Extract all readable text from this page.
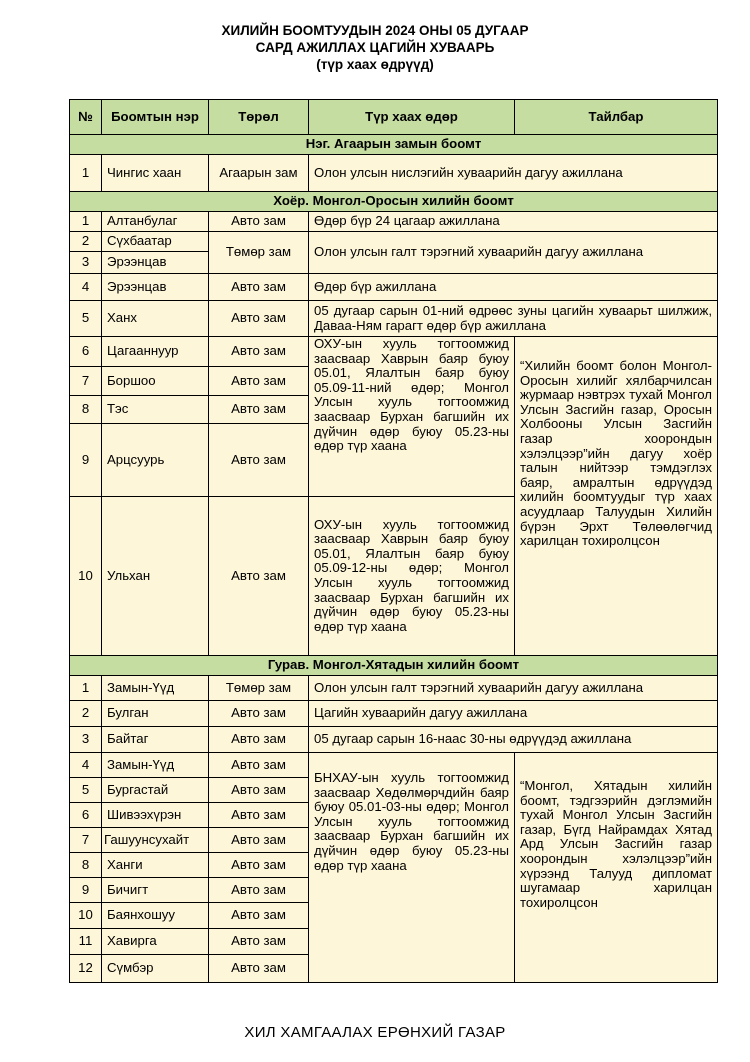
ХИЛИЙН БООМТУУДЫН 2024 ОНЫ 05 ДУГААР
САРД АЖИЛЛАХ ЦАГИЙН ХУВААРЬ
(түр хаах өдрүүд)
№	Боомтын нэр	Төрөл	Түр хаах өдөр	Тайлбар
Нэг. Агаарын замын боомт				
1	Чингис хаан	Агаарын зам	Олон улсын нислэгийн хуваарийн дагуу ажиллана	
Хоёр. Монгол-Оросын хилийн боомт				
1	Алтанбулаг	Авто зам	Өдөр бүр 24 цагаар ажиллана	
2	Сүхбаатар	Төмөр зам	Олон улсын галт тэрэгний хуваарийн дагуу ажиллана	
3	Эрээнцав			
4	Эрээнцав	Авто зам	Өдөр бүр ажиллана	
5	Ханх	Авто зам	05 дугаар сарын 01-ний өдрөөс зуны цагийн хуваарьт шилжиж, Даваа-Ням гарагт өдөр бүр ажиллана	
6	Цагааннуур	Авто зам	ОХУ-ын хууль тогтоомжид заасваар Хаврын баяр буюу 05.01, Ялалтын баяр буюу 05.09-11-ний өдөр; Монгол Улсын хууль тогтоомжид заасваар Бурхан багшийн их дүйчин өдөр буюу 05.23-ны өдөр түр хаана	“Хилийн боомт болон Монгол-Оросын хилийг хялбарчилсан журмаар нэвтрэх тухай Монгол Улсын Засгийн газар, Оросын Холбооны Улсын Засгийн газар хоорондын хэлэлцээр”ийн дагуу хоёр талын нийтээр тэмдэглэх баяр, амралтын өдрүүдэд хилийн боомтуудыг түр хаах асуудлаар Талуудын Хилийн бүрэн Эрхт Төлөөлөгчид харилцан тохиролцсон
7	Боршоо	Авто зам		
8	Тэс	Авто зам		
9	Арцсуурь	Авто зам		
10	Ульхан	Авто зам	ОХУ-ын хууль тогтоомжид заасваар Хаврын баяр буюу 05.01, Ялалтын баяр буюу 05.09-12-ны өдөр; Монгол Улсын хууль тогтоомжид заасваар Бурхан багшийн их дүйчин өдөр буюу 05.23-ны өдөр түр хаана	
Гурав. Монгол-Хятадын хилийн боомт				
1	Замын-Үүд	Төмөр зам	Олон улсын галт тэрэгний хуваарийн дагуу ажиллана	
2	Булган	Авто зам	Цагийн хуваарийн дагуу ажиллана	
3	Байтаг	Авто зам	05 дугаар сарын 16-наас 30-ны өдрүүдэд ажиллана	
4	Замын-Үүд	Авто зам	БНХАУ-ын хууль тогтоомжид заасваар Хөдөлмөрчдийн баяр буюу 05.01-03-ны өдөр; Монгол Улсын хууль тогтоомжид заасваар Бурхан багшийн их дүйчин өдөр буюу 05.23-ны өдөр түр хаана	“Монгол, Хятадын хилийн боомт, тэдгээрийн дэглэмийн тухай Монгол Улсын Засгийн газар, Бүгд Найрамдах Хятад Ард Улсын Засгийн газар хоорондын хэлэлцээр”ийн хүрээнд Талууд дипломат шугамаар харилцан тохиролцсон
5	Бургастай	Авто зам		
6	Шивээхүрэн	Авто зам		
7	Гашуунсухайт	Авто зам		
8	Ханги	Авто зам		
9	Бичигт	Авто зам		
10	Баянхошуу	Авто зам		
11	Хавирга	Авто зам		
12	Сүмбэр	Авто зам		
ХИЛ ХАМГААЛАХ ЕРӨНХИЙ ГАЗАР
